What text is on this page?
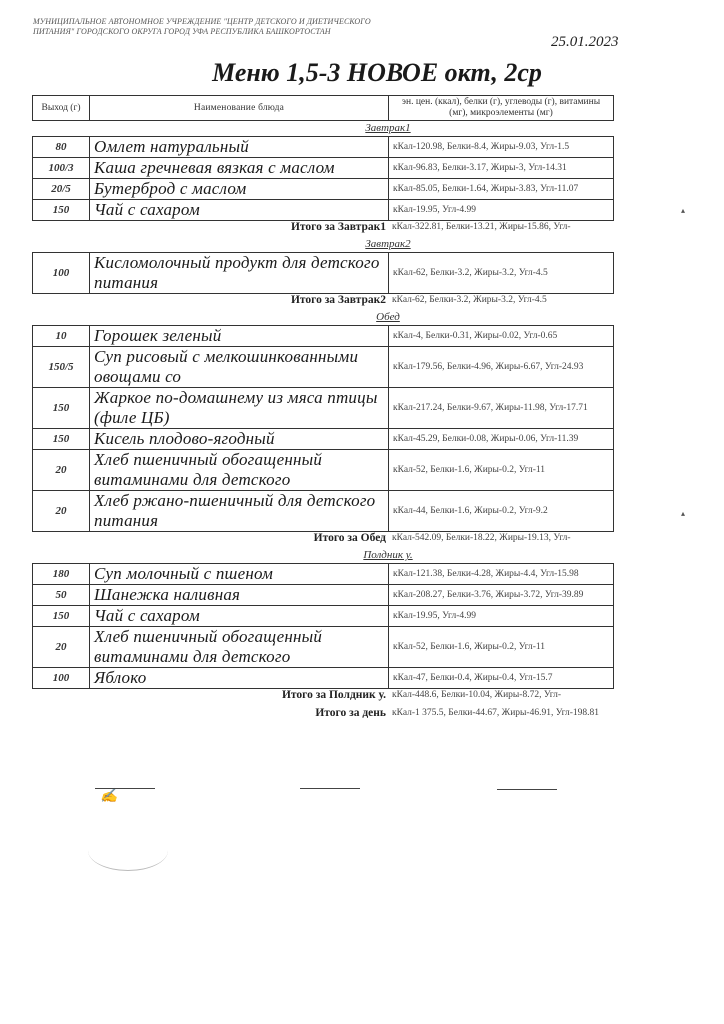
МУНИЦИПАЛЬНОЕ АВТОНОМНОЕ УЧРЕЖДЕНИЕ "ЦЕНТР ДЕТСКОГО И ДИЕТИЧЕСКОГО ПИТАНИЯ" ГОРОДСКОГО ОКРУГА ГОРОД УФА РЕСПУБЛИКА БАШКОРТОСТАН
25.01.2023
Меню 1,5-3 НОВОЕ окт, 2ср
Выход (г)	Наименование блюда	эн. цен. (ккал), белки (г), углеводы (г), витамины (мг), микроэлементы (мг)
Завтрак1
80	Омлет натуральный	кКал-120.98, Белки-8.4, Жиры-9.03, Угл-1.5
100/3	Каша гречневая вязкая с маслом	кКал-96.83, Белки-3.17, Жиры-3, Угл-14.31
20/5	Бутерброд с маслом	кКал-85.05, Белки-1.64, Жиры-3.83, Угл-11.07
150	Чай с сахаром	кКал-19.95, Угл-4.99
Итого за Завтрак1 кКал-322.81, Белки-13.21, Жиры-15.86, Угл-
Завтрак2
100	Кисломолочный продукт для детского питания	кКал-62, Белки-3.2, Жиры-3.2, Угл-4.5
Итого за Завтрак2 кКал-62, Белки-3.2, Жиры-3.2, Угл-4.5
Обед
10	Горошек зеленый	кКал-4, Белки-0.31, Жиры-0.02, Угл-0.65
150/5	Суп рисовый с мелкошинкованными овощами со	кКал-179.56, Белки-4.96, Жиры-6.67, Угл-24.93
150	Жаркое по-домашнему из мяса птицы (филе ЦБ)	кКал-217.24, Белки-9.67, Жиры-11.98, Угл-17.71
150	Кисель плодово-ягодный	кКал-45.29, Белки-0.08, Жиры-0.06, Угл-11.39
20	Хлеб пшеничный обогащенный витаминами для детского	кКал-52, Белки-1.6, Жиры-0.2, Угл-11
20	Хлеб ржано-пшеничный для детского питания	кКал-44, Белки-1.6, Жиры-0.2, Угл-9.2
Итого за Обед кКал-542.09, Белки-18.22, Жиры-19.13, Угл-
Полдник у.
180	Суп молочный с пшеном	кКал-121.38, Белки-4.28, Жиры-4.4, Угл-15.98
50	Шанежка наливная	кКал-208.27, Белки-3.76, Жиры-3.72, Угл-39.89
150	Чай с сахаром	кКал-19.95, Угл-4.99
20	Хлеб пшеничный обогащенный витаминами для детского	кКал-52, Белки-1.6, Жиры-0.2, Угл-11
100	Яблоко	кКал-47, Белки-0.4, Жиры-0.4, Угл-15.7
Итого за Полдник у. кКал-448.6, Белки-10.04, Жиры-8.72, Угл-
Итого за день кКал-1 375.5, Белки-44.67, Жиры-46.91, Угл-198.81
✍
▴
▴
